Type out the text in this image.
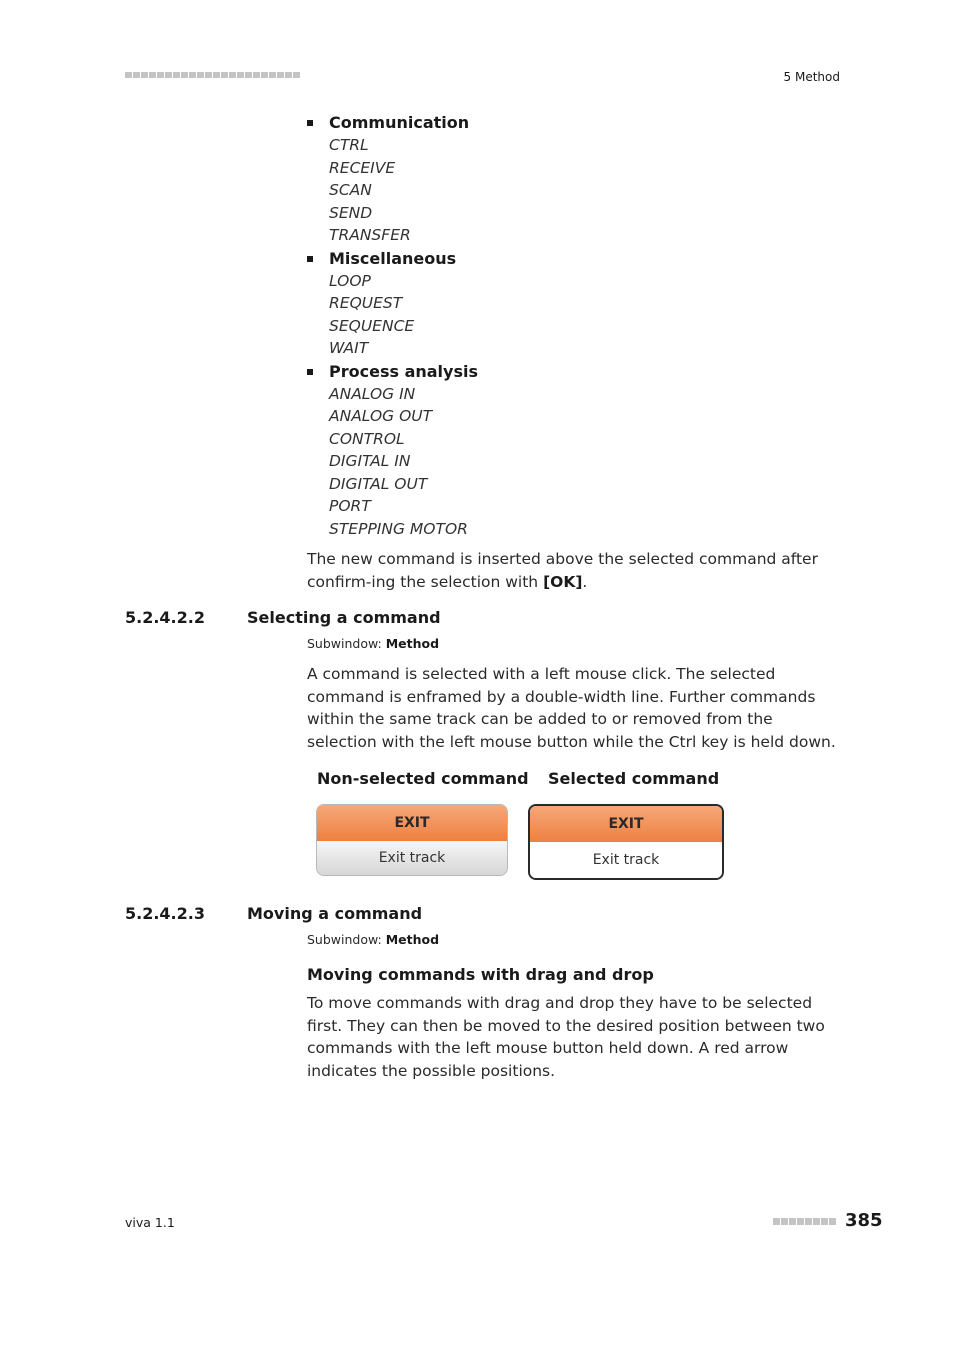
5 Method
Communication
CTRL
RECEIVE
SCAN
SEND
TRANSFER
Miscellaneous
LOOP
REQUEST
SEQUENCE
WAIT
Process analysis
ANALOG IN
ANALOG OUT
CONTROL
DIGITAL IN
DIGITAL OUT
PORT
STEPPING MOTOR
The new command is inserted above the selected command after confirm-ing the selection with [OK].
5.2.4.2.2	Selecting a command
Subwindow: Method
A command is selected with a left mouse click. The selected command is enframed by a double-width line. Further commands within the same track can be added to or removed from the selection with the left mouse button while the Ctrl key is held down.
Non-selected command Selected command
EXIT
Exit track
EXIT
Exit track
5.2.4.2.3	Moving a command
Subwindow: Method
Moving commands with drag and drop
To move commands with drag and drop they have to be selected first. They can then be moved to the desired position between two commands with the left mouse button held down. A red arrow indicates the possible positions.
viva 1.1	385
